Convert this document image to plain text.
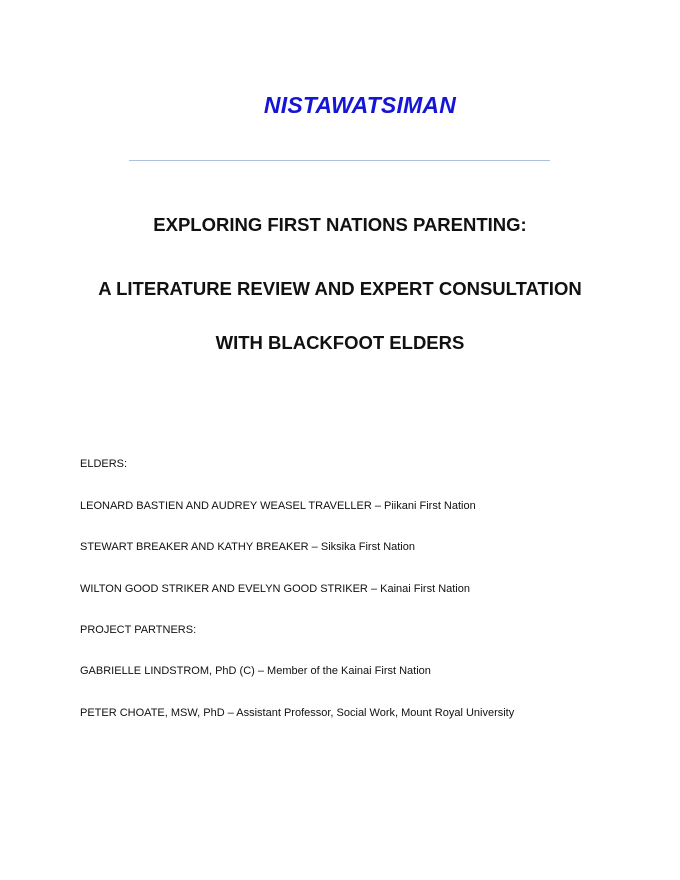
NISTAWATSIMAN
EXPLORING FIRST NATIONS PARENTING:
A LITERATURE REVIEW AND EXPERT CONSULTATION
WITH BLACKFOOT ELDERS
ELDERS:
LEONARD BASTIEN AND AUDREY WEASEL TRAVELLER – Piikani First Nation
STEWART BREAKER AND KATHY BREAKER – Siksika First Nation
WILTON GOOD STRIKER AND EVELYN GOOD STRIKER – Kainai First Nation
PROJECT PARTNERS:
GABRIELLE LINDSTROM, PhD (C) – Member of the Kainai First Nation
PETER CHOATE, MSW, PhD – Assistant Professor, Social Work, Mount Royal University
